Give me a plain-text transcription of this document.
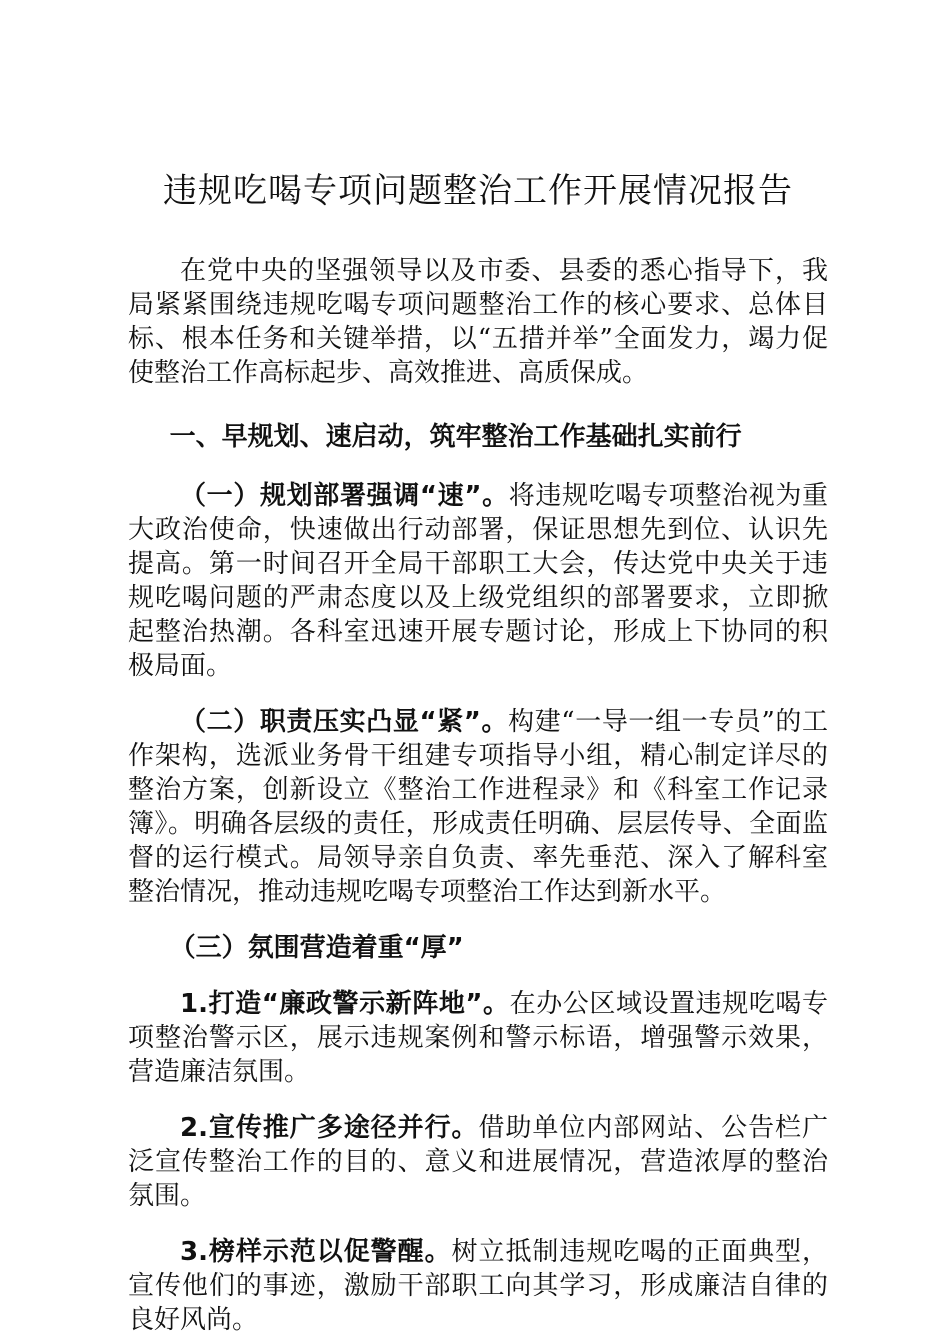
违规吃喝专项问题整治工作开展情况报告

在党中央的坚强领导以及市委、县委的悉心指导下，我局紧紧围绕违规吃喝专项问题整治工作的核心要求、总体目标、根本任务和关键举措，以“五措并举”全面发力，竭力促使整治工作高标起步、高效推进、高质保成。

一、早规划、速启动，筑牢整治工作基础扎实前行

（一）规划部署强调“速”。将违规吃喝专项整治视为重大政治使命，快速做出行动部署，保证思想先到位、认识先提高。第一时间召开全局干部职工大会，传达党中央关于违规吃喝问题的严肃态度以及上级党组织的部署要求，立即掀起整治热潮。各科室迅速开展专题讨论，形成上下协同的积极局面。

（二）职责压实凸显“紧”。构建“一导一组一专员”的工作架构，选派业务骨干组建专项指导小组，精心制定详尽的整治方案，创新设立《整治工作进程录》和《科室工作记录簿》。明确各层级的责任，形成责任明确、层层传导、全面监督的运行模式。局领导亲自负责、率先垂范、深入了解科室整治情况，推动违规吃喝专项整治工作达到新水平。

（三）氛围营造着重“厚”

1.打造“廉政警示新阵地”。在办公区域设置违规吃喝专项整治警示区，展示违规案例和警示标语，增强警示效果，营造廉洁氛围。

2.宣传推广多途径并行。借助单位内部网站、公告栏广泛宣传整治工作的目的、意义和进展情况，营造浓厚的整治氛围。

3.榜样示范以促警醒。树立抵制违规吃喝的正面典型，宣传他们的事迹，激励干部职工向其学习，形成廉洁自律的良好风尚。
